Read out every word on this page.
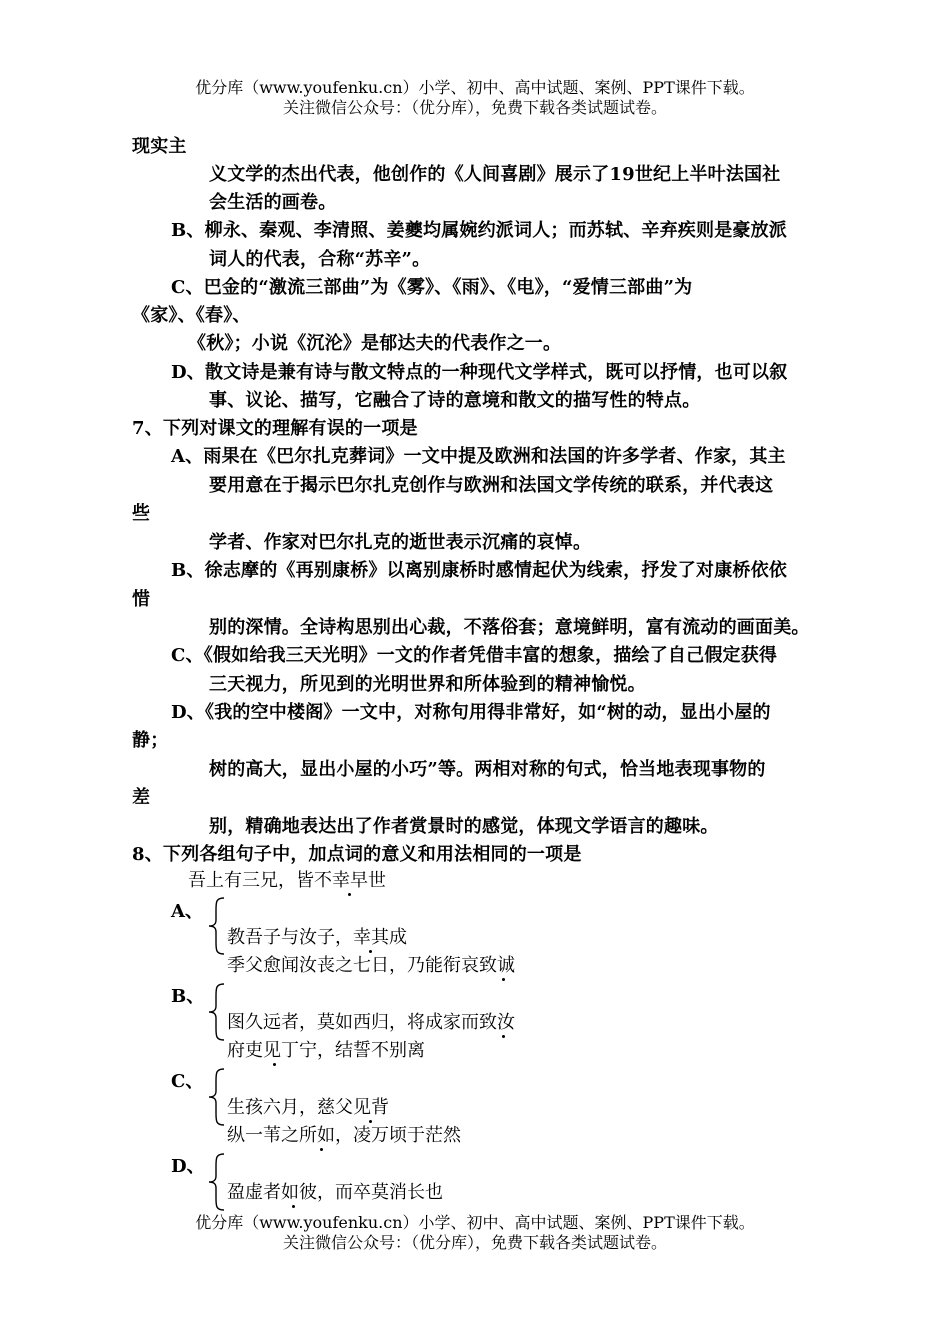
优分库（www.youfenku.cn）小学、初中、高中试题、案例、PPT课件下载。
关注微信公众号：（优分库），免费下载各类试题试卷。
现实主
义文学的杰出代表，他创作的《人间喜剧》展示了19世纪上半叶法国社
会生活的画卷。
B、柳永、秦观、李清照、姜夔均属婉约派词人；而苏轼、辛弃疾则是豪放派
词人的代表，合称“苏辛”。
C、巴金的“激流三部曲”为《雾》、《雨》、《电》，“爱情三部曲”为
《家》、《春》、
《秋》；小说《沉沦》是郁达夫的代表作之一。
D、散文诗是兼有诗与散文特点的一种现代文学样式，既可以抒情，也可以叙
事、议论、描写，它融合了诗的意境和散文的描写性的特点。
7、下列对课文的理解有误的一项是
A、雨果在《巴尔扎克葬词》一文中提及欧洲和法国的许多学者、作家，其主
要用意在于揭示巴尔扎克创作与欧洲和法国文学传统的联系，并代表这
些
学者、作家对巴尔扎克的逝世表示沉痛的哀悼。
B、徐志摩的《再别康桥》以离别康桥时感情起伏为线索，抒发了对康桥依依
惜
别的深情。全诗构思别出心裁，不落俗套；意境鲜明，富有流动的画面美。
C、《假如给我三天光明》一文的作者凭借丰富的想象，描绘了自己假定获得
三天视力，所见到的光明世界和所体验到的精神愉悦。
D、《我的空中楼阁》一文中，对称句用得非常好，如“树的动，显出小屋的
静；
树的高大，显出小屋的小巧”等。两相对称的句式，恰当地表现事物的
差
别，精确地表达出了作者赏景时的感觉，体现文学语言的趣味。
8、下列各组句子中，加点词的意义和用法相同的一项是
吾上有三兄，皆不幸早世
A、
教吾子与汝子，幸其成
季父愈闻汝丧之七日，乃能衔哀致诚
B、
图久远者，莫如西归，将成家而致汝
府吏见丁宁，结誓不别离
C、
生孩六月，慈父见背
纵一苇之所如，凌万顷于茫然
D、
盈虚者如彼，而卒莫消长也
优分库（www.youfenku.cn）小学、初中、高中试题、案例、PPT课件下载。
关注微信公众号：（优分库），免费下载各类试题试卷。
